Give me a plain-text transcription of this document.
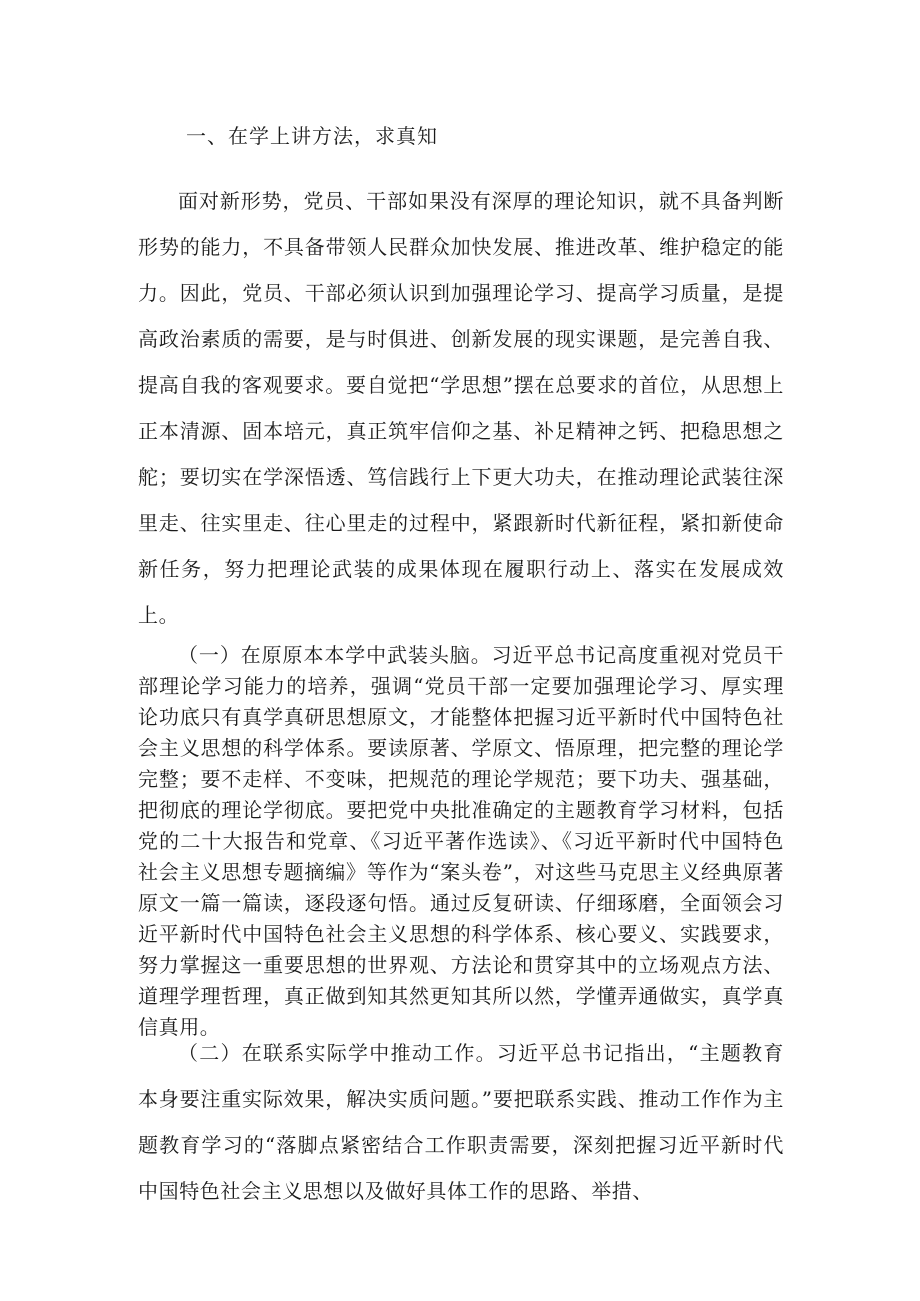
一、在学上讲方法，求真知

面对新形势，党员、干部如果没有深厚的理论知识，就不具备判断形势的能力，不具备带领人民群众加快发展、推进改革、维护稳定的能力。因此，党员、干部必须认识到加强理论学习、提高学习质量，是提高政治素质的需要，是与时俱进、创新发展的现实课题，是完善自我、提高自我的客观要求。要自觉把“学思想”摆在总要求的首位，从思想上正本清源、固本培元，真正筑牢信仰之基、补足精神之钙、把稳思想之舵；要切实在学深悟透、笃信践行上下更大功夫，在推动理论武装往深里走、往实里走、往心里走的过程中，紧跟新时代新征程，紧扣新使命新任务，努力把理论武装的成果体现在履职行动上、落实在发展成效上。

（一）在原原本本学中武装头脑。习近平总书记高度重视对党员干部理论学习能力的培养，强调“党员干部一定要加强理论学习、厚实理论功底只有真学真研思想原文，才能整体把握习近平新时代中国特色社会主义思想的科学体系。要读原著、学原文、悟原理，把完整的理论学完整；要不走样、不变味，把规范的理论学规范；要下功夫、强基础，把彻底的理论学彻底。要把党中央批准确定的主题教育学习材料，包括党的二十大报告和党章、《习近平著作选读》、《习近平新时代中国特色社会主义思想专题摘编》等作为“案头卷”，对这些马克思主义经典原著原文一篇一篇读，逐段逐句悟。通过反复研读、仔细琢磨，全面领会习近平新时代中国特色社会主义思想的科学体系、核心要义、实践要求，努力掌握这一重要思想的世界观、方法论和贯穿其中的立场观点方法、道理学理哲理，真正做到知其然更知其所以然，学懂弄通做实，真学真信真用。

（二）在联系实际学中推动工作。习近平总书记指出，“主题教育本身要注重实际效果，解决实质问题。”要把联系实践、推动工作作为主题教育学习的“落脚点紧密结合工作职责需要，深刻把握习近平新时代中国特色社会主义思想以及做好具体工作的思路、举措、
